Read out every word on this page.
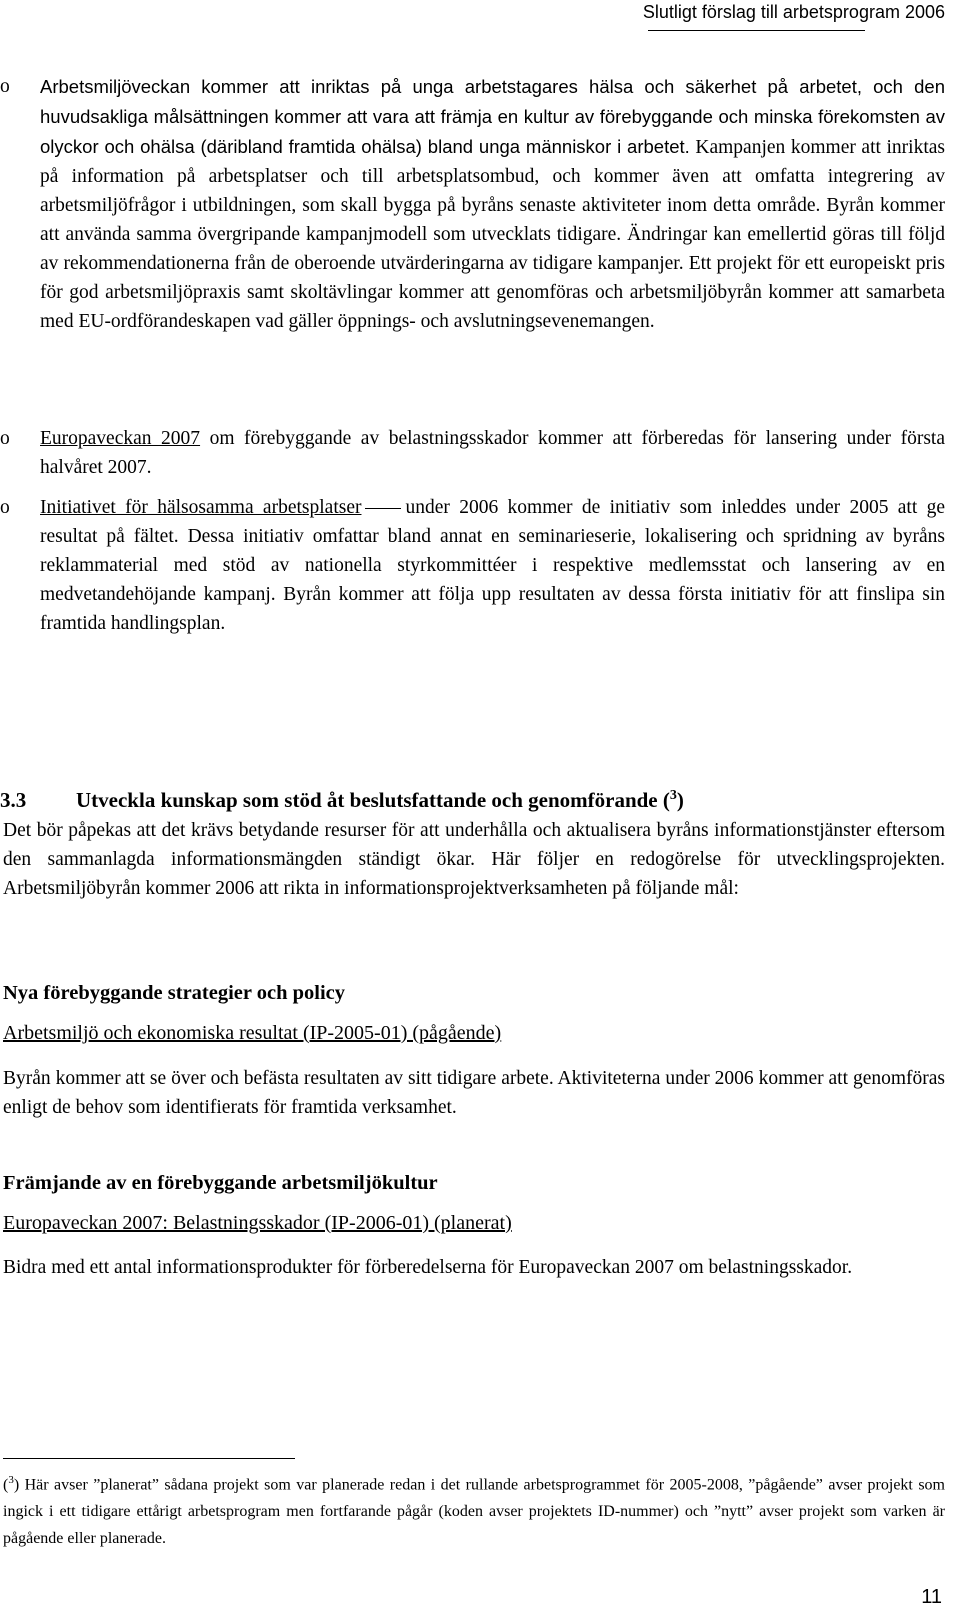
Slutligt förslag till arbetsprogram 2006
o Arbetsmiljöveckan kommer att inriktas på unga arbetstagares hälsa och säkerhet på arbetet, och den huvudsakliga målsättningen kommer att vara att främja en kultur av förebyggande och minska förekomsten av olyckor och ohälsa (däribland framtida ohälsa) bland unga människor i arbetet. Kampanjen kommer att inriktas på information på arbetsplatser och till arbetsplatsombud, och kommer även att omfatta integrering av arbetsmiljöfrågor i utbildningen, som skall bygga på byråns senaste aktiviteter inom detta område. Byrån kommer att använda samma övergripande kampanjmodell som utvecklats tidigare. Ändringar kan emellertid göras till följd av rekommendationerna från de oberoende utvärderingarna av tidigare kampanjer. Ett projekt för ett europeiskt pris för god arbetsmiljöpraxis samt skoltävlingar kommer att genomföras och arbetsmiljöbyrån kommer att samarbeta med EU-ordförandeskapen vad gäller öppnings- och avslutningsevenemangen.

o Europaveckan 2007 om förebyggande av belastningsskador kommer att förberedas för lansering under första halvåret 2007.

o Initiativet för hälsosamma arbetsplatser under 2006 kommer de initiativ som inleddes under 2005 att ge resultat på fältet. Dessa initiativ omfattar bland annat en seminarieserie, lokalisering och spridning av byråns reklammaterial med stöd av nationella styrkommittéer i respektive medlemsstat och lansering av en medvetandehöjande kampanj. Byrån kommer att följa upp resultaten av dessa första initiativ för att finslipa sin framtida handlingsplan.

3.3 Utveckla kunskap som stöd åt beslutsfattande och genomförande ($^3$)

Det bör påpekas att det krävs betydande resurser för att underhålla och aktualisera byråns informationstjänster eftersom den sammanlagda informationsmängden ständigt ökar. Här följer en redogörelse för utvecklingsprojekten. Arbetsmiljöbyrån kommer 2006 att rikta in informationsprojektverksamheten på följande mål:

Nya förebyggande strategier och policy
Arbetsmiljö och ekonomiska resultat (IP-2005-01) (pågående)

Byrån kommer att se över och befästa resultaten av sitt tidigare arbete. Aktiviteterna under 2006 kommer att genomföras enligt de behov som identifierats för framtida verksamhet.

Främjande av en förebyggande arbetsmiljökultur
Europaveckan 2007: Belastningsskador (IP-2006-01) (planerat)

Bidra med ett antal informationsprodukter för förberedelserna för Europaveckan 2007 om belastningsskador.

($^3$) Här avser ”planerat” sådana projekt som var planerade redan i det rullande arbetsprogrammet för 2005-2008, ”pågående” avser projekt som ingick i ett tidigare ettårigt arbetsprogram men fortfarande pågår (koden avser projektets ID-nummer) och ”nytt” avser projekt som varken är pågående eller planerade.

11
